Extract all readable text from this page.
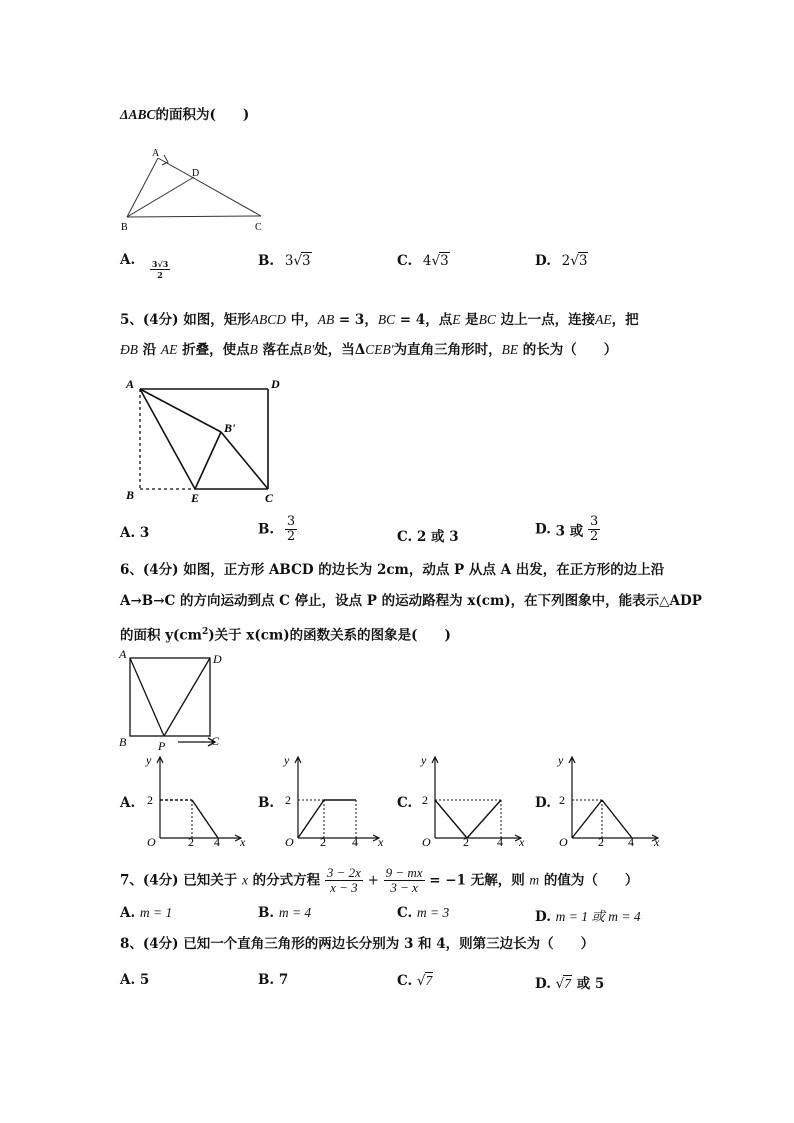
ΔABC的面积为(　　)
A
D
B	C
A. $\frac{3√3}{2}$	B. 3√3	C. 4√3	D. 2√3
5、(4分) 如图，矩形ABCD 中，AB = 3，BC = 4，点E 是BC 边上一点，连接AE，把
ÐB 沿 AE 折叠，使点B 落在点B'处，当ΔCEB'为直角三角形时，BE 的长为（　　）
A	D
B'
B	E	C
A. 3	B. $\frac{3}{2}$	C. 2 或 3	D. 3 或 $\frac{3}{2}$
6、(4分) 如图，正方形 ABCD 的边长为 2cm，动点 P 从点 A 出发，在正方形的边上沿
A→B→C 的方向运动到点 C 停止，设点 P 的运动路程为 x(cm)，在下列图象中，能表示△ADP
的面积 $y(cm^2)$关于 x(cm)的函数关系的图象是(　　)
A	D
B	C
P
A.
y
2
O	2 4 x
B.
y
2
O 2 4 x
C.
y
2
O	2 4 x
D.
y
2
O	2 4 x
7、(4分) 已知关于 x 的分式方程 $\frac{3 - 2x}{x - 3} + \frac{9 - mx}{3 - x} = -1$ 无解，则 m 的值为（　　）
A. m = 1	B. m = 4	C. m = 3	D. m = 1 或 m = 4
8、(4分) 已知一个直角三角形的两边长分别为 3 和 4，则第三边长为（　　）
A. 5	B. 7	C. √7	D. √7 或 5
